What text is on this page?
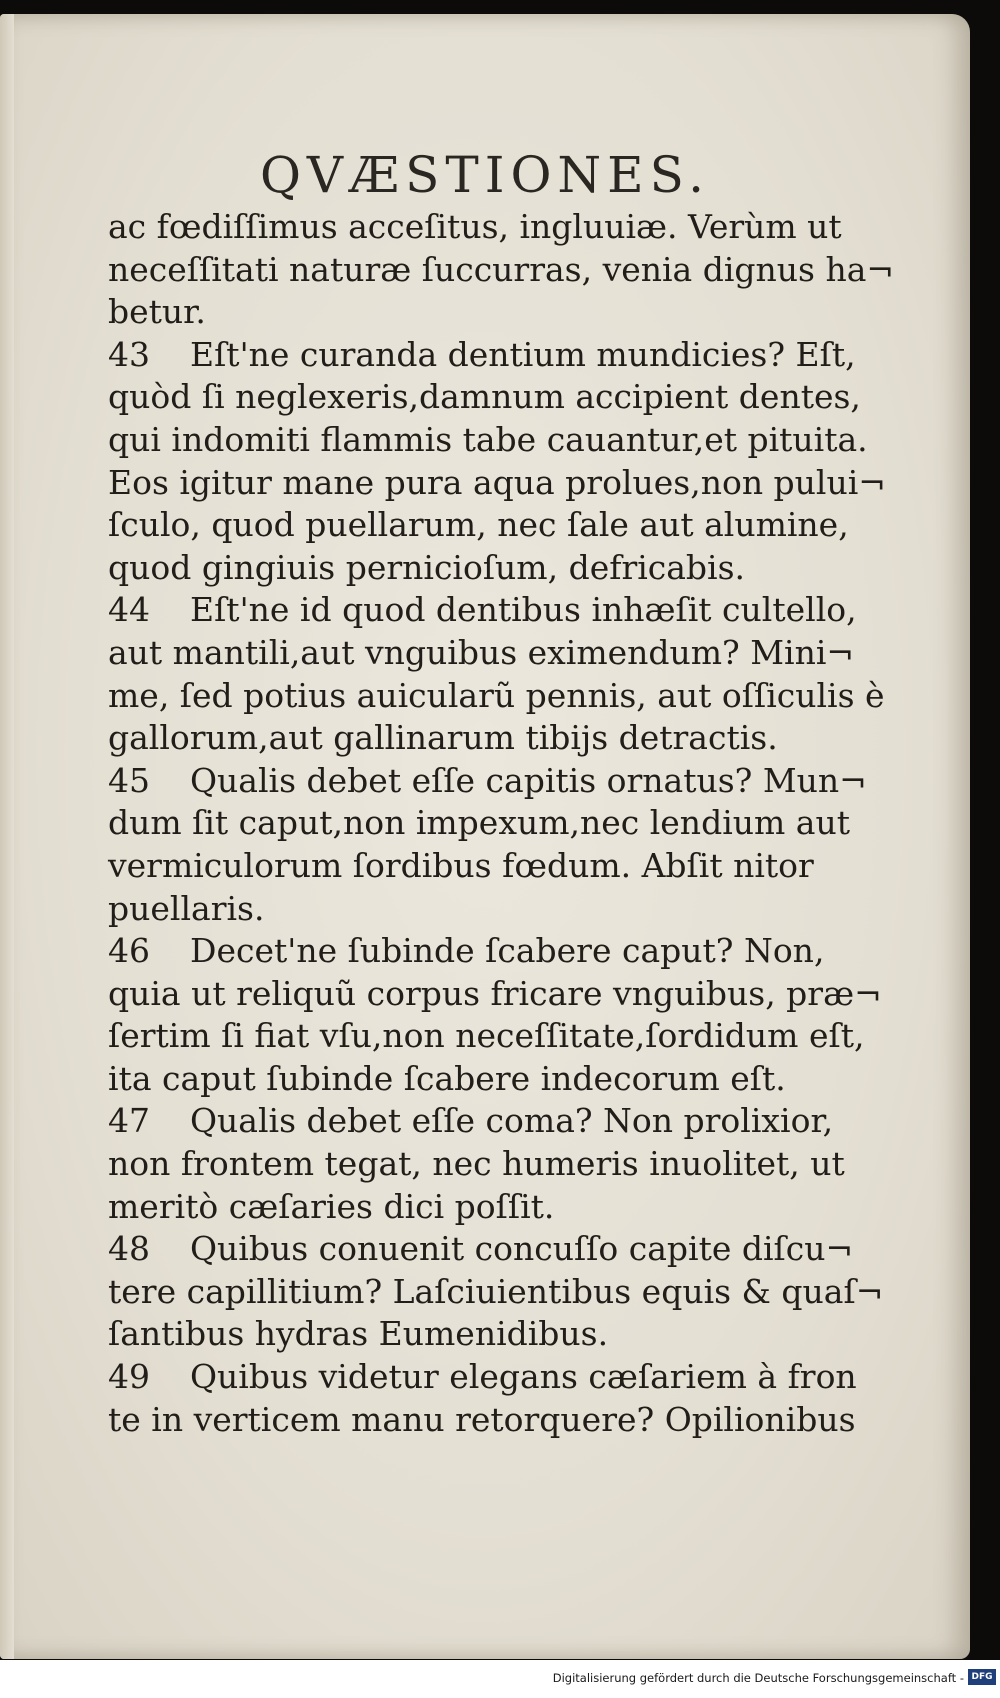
QVÆSTIONES.
ac fœdiſſimus acceſitus, ingluuiæ. Verùm ut
neceſſitati naturæ ſuccurras, venia dignus ha¬
betur.
43 Eſt'ne curanda dentium mundicies? Eſt,
quòd ſi neglexeris,damnum accipient dentes,
qui indomiti flammis tabe cauantur,et pituita.
Eos igitur mane pura aqua prolues,non pului¬
ſculo, quod puellarum, nec ſale aut alumine,
quod gingiuis pernicioſum, defricabis.
44 Eſt'ne id quod dentibus inhæſit cultello,
aut mantili,aut vnguibus eximendum? Mini¬
me, ſed potius auicularũ pennis, aut oſſiculis è
gallorum,aut gallinarum tibijs detractis.
45 Qualis debet eſſe capitis ornatus? Mun¬
dum ſit caput,non impexum,nec lendium aut
vermiculorum ſordibus fœdum. Abſit nitor
puellaris.
46 Decet'ne ſubinde ſcabere caput? Non,
quia ut reliquũ corpus fricare vnguibus, præ¬
ſertim ſi fiat vſu,non neceſſitate,ſordidum eſt,
ita caput ſubinde ſcabere indecorum eſt.
47 Qualis debet eſſe coma? Non prolixior,
non frontem tegat, nec humeris inuolitet, ut
meritò cæſaries dici poſſit.
48 Quibus conuenit concuſſo capite diſcu¬
tere capillitium? Laſciuientibus equis & quaſ¬
ſantibus hydras Eumenidibus.
49 Quibus videtur elegans cæſariem à fron
te in verticem manu retorquere? Opilionibus
Digitalisierung gefördert durch die Deutsche Forschungsgemeinschaft - DFG
